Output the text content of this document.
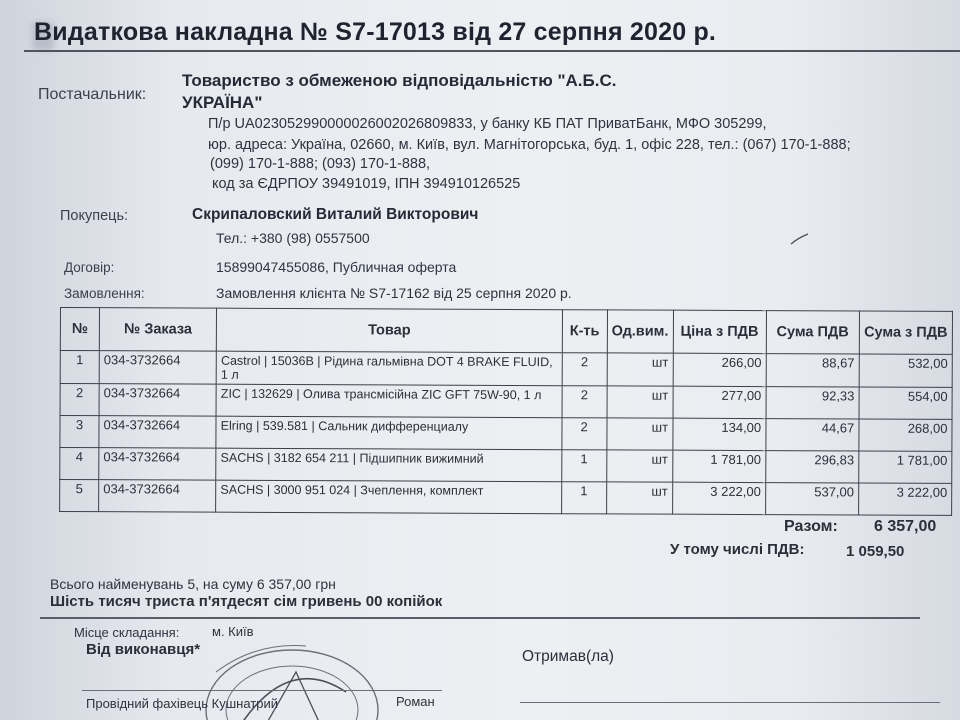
Видаткова накладна № S7-17013 від 27 серпня 2020 р.
Постачальник:
Товариство з обмеженою відповідальністю "А.Б.С. УКРАЇНА"
П/р UA023052990000026002026809833, у банку КБ ПАТ ПриватБанк, МФО 305299,
юр. адреса: Україна, 02660, м. Київ, вул. Магнітогорська, буд. 1, офіс 228, тел.: (067) 170-1-888;
(099) 170-1-888; (093) 170-1-888,
код за ЄДРПОУ 39491019, ІПН 394910126525
Покупець:	Скрипаловский Виталий Викторович
Тел.: +380 (98) 0557500
Договір:	15899047455086, Публичная оферта
Замовлення:	Замовлення клієнта № S7-17162 від 25 серпня 2020 р.
№	№ Заказа	Товар	К-ть	Од.вим.	Ціна з ПДВ	Сума ПДВ	Сума з ПДВ
1	034-3732664	Castrol | 15036B | Рідина гальмівна DOT 4 BRAKE FLUID, 1 л	2	шт	266,00	88,67	532,00
2	034-3732664	ZIC | 132629 | Олива трансмісійна ZIC GFT 75W-90, 1 л	2	шт	277,00	92,33	554,00
3	034-3732664	Elring | 539.581 | Сальник дифференциалу	2	шт	134,00	44,67	268,00
4	034-3732664	SACHS | 3182 654 211 | Підшипник вижимний	1	шт	1 781,00	296,83	1 781,00
5	034-3732664	SACHS | 3000 951 024 | Зчеплення, комплект	1	шт	3 222,00	537,00	3 222,00
Разом: 6 357,00
У тому числі ПДВ:	1 059,50
Всього найменувань 5, на суму 6 357,00 грн
Шість тисяч триста п'ятдесят сім гривень 00 копійок
Місце складання:	м. Київ
Від виконавця*	Отримав(ла)
Провідний фахівець Кушнатрий	Роман
